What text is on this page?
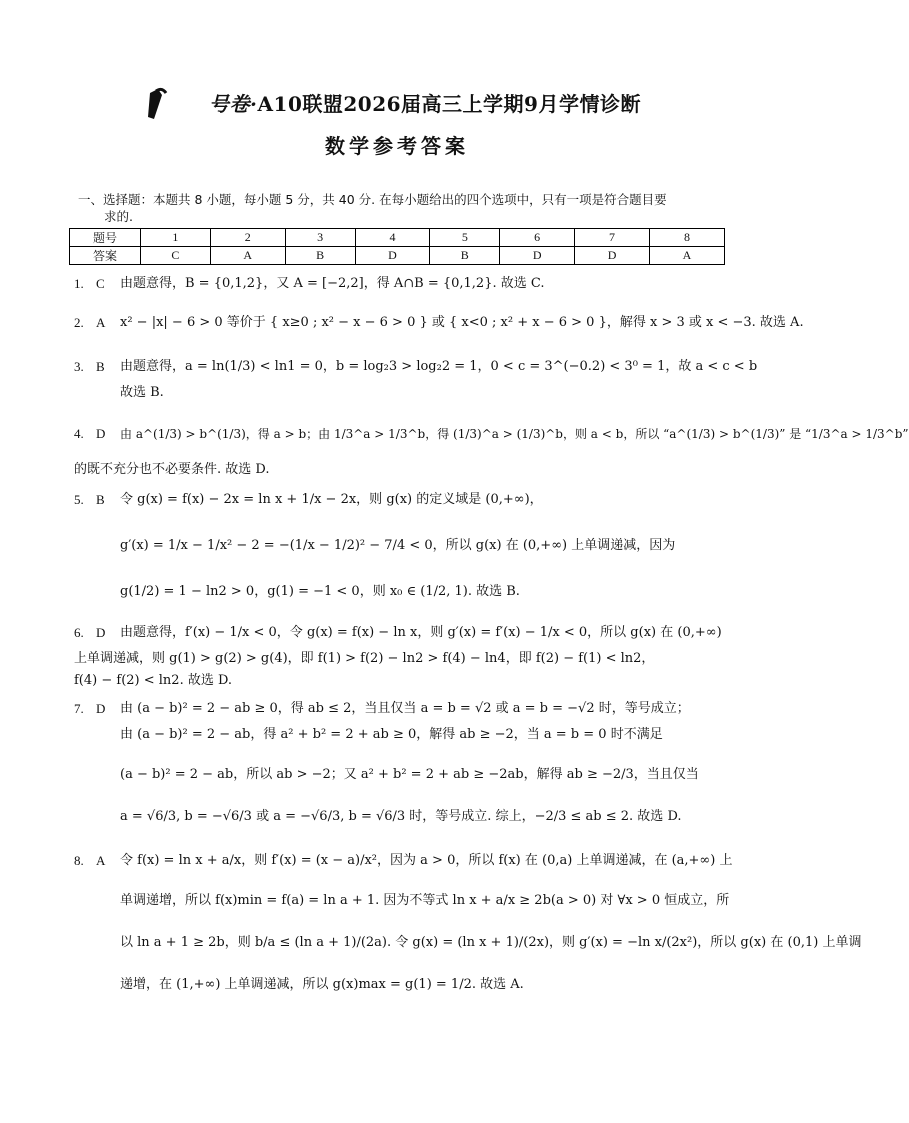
号卷·A10联盟2026届高三上学期9月学情诊断
数学参考答案
一、选择题：本题共 8 小题，每小题 5 分，共 40 分. 在每小题给出的四个选项中，只有一项是符合题目要
求的.
题号	1	2	3	4	5	6	7	8
答案	C	A	B	D	B	D	D	A
1. C 由题意得，B = {0,1,2}，又 A = [−2,2]，得 A∩B = {0,1,2}. 故选 C.
2. A x² − |x| − 6 > 0 等价于 { x≥0 ; x² − x − 6 > 0 } 或 { x<0 ; x² + x − 6 > 0 }，解得 x > 3 或 x < −3. 故选 A.
3. B 由题意得，a = ln(1/3) < ln1 = 0，b = log₂3 > log₂2 = 1，0 < c = 3^(−0.2) < 3⁰ = 1，故 a < c < b
故选 B.
4. D 由 a^(1/3) > b^(1/3)，得 a > b；由 1/3^a > 1/3^b，得 (1/3)^a > (1/3)^b，则 a < b，所以 “a^(1/3) > b^(1/3)” 是 “1/3^a > 1/3^b”
的既不充分也不必要条件. 故选 D.
5. B 令 g(x) = f(x) − 2x = ln x + 1/x − 2x，则 g(x) 的定义域是 (0,+∞)，
g′(x) = 1/x − 1/x² − 2 = −(1/x − 1/2)² − 7/4 < 0，所以 g(x) 在 (0,+∞) 上单调递减，因为
g(1/2) = 1 − ln2 > 0，g(1) = −1 < 0，则 x₀ ∈ (1/2, 1). 故选 B.
6. D 由题意得，f′(x) − 1/x < 0，令 g(x) = f(x) − ln x，则 g′(x) = f′(x) − 1/x < 0，所以 g(x) 在 (0,+∞)
上单调递减，则 g(1) > g(2) > g(4)，即 f(1) > f(2) − ln2 > f(4) − ln4，即 f(2) − f(1) < ln2，
f(4) − f(2) < ln2. 故选 D.
7. D 由 (a − b)² = 2 − ab ≥ 0，得 ab ≤ 2，当且仅当 a = b = √2 或 a = b = −√2 时，等号成立；
由 (a − b)² = 2 − ab，得 a² + b² = 2 + ab ≥ 0，解得 ab ≥ −2，当 a = b = 0 时不满足
(a − b)² = 2 − ab，所以 ab > −2；又 a² + b² = 2 + ab ≥ −2ab，解得 ab ≥ −2/3，当且仅当
a = √6/3, b = −√6/3 或 a = −√6/3, b = √6/3 时，等号成立. 综上，−2/3 ≤ ab ≤ 2. 故选 D.
8. A 令 f(x) = ln x + a/x，则 f′(x) = (x − a)/x²，因为 a > 0，所以 f(x) 在 (0,a) 上单调递减，在 (a,+∞) 上
单调递增，所以 f(x)min = f(a) = ln a + 1. 因为不等式 ln x + a/x ≥ 2b(a > 0) 对 ∀x > 0 恒成立，所
以 ln a + 1 ≥ 2b，则 b/a ≤ (ln a + 1)/(2a). 令 g(x) = (ln x + 1)/(2x)，则 g′(x) = −ln x/(2x²)，所以 g(x) 在 (0,1) 上单调
递增，在 (1,+∞) 上单调递减，所以 g(x)max = g(1) = 1/2. 故选 A.
